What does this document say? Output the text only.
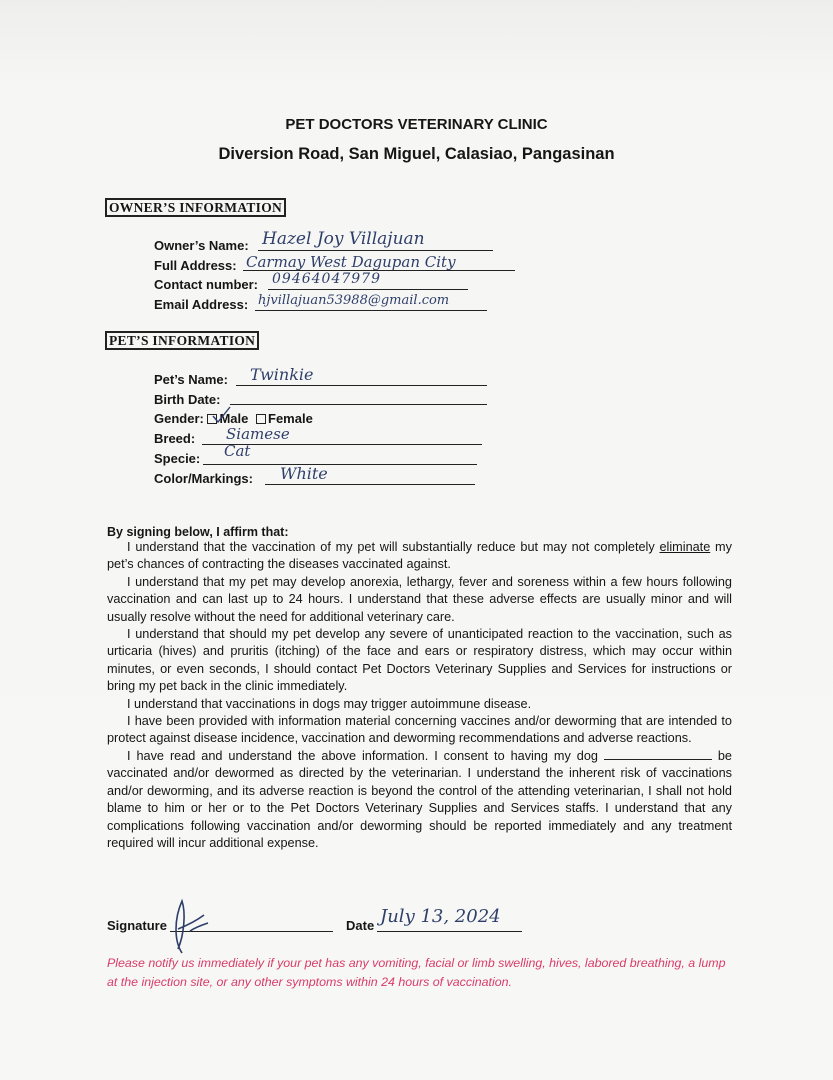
PET DOCTORS VETERINARY CLINIC
Diversion Road, San Miguel, Calasiao, Pangasinan
OWNER’S INFORMATION
Owner’s Name: Hazel Joy Villajuan
Full Address: Carmay West Dagupan City
Contact number: 09464047979
Email Address: hjvillajuan53988@gmail.com
PET’S INFORMATION
Pet’s Name: Twinkie
Birth Date:
Gender: Male Female
Breed: Siamese
Specie: Cat
Color/Markings: White
By signing below, I affirm that:

I understand that the vaccination of my pet will substantially reduce but may not completely eliminate my pet’s chances of contracting the diseases vaccinated against.

I understand that my pet may develop anorexia, lethargy, fever and soreness within a few hours following vaccination and can last up to 24 hours. I understand that these adverse effects are usually minor and will usually resolve without the need for additional veterinary care.

I understand that should my pet develop any severe of unanticipated reaction to the vaccination, such as urticaria (hives) and pruritis (itching) of the face and ears or respiratory distress, which may occur within minutes, or even seconds, I should contact Pet Doctors Veterinary Supplies and Services for instructions or bring my pet back in the clinic immediately.

I understand that vaccinations in dogs may trigger autoimmune disease.

I have been provided with information material concerning vaccines and/or deworming that are intended to protect against disease incidence, vaccination and deworming recommendations and adverse reactions.

I have read and understand the above information. I consent to having my dog	be vaccinated and/or dewormed as directed by the veterinarian. I understand the inherent risk of vaccinations and/or deworming, and its adverse reaction is beyond the control of the attending veterinarian, I shall not hold blame to him or her or to the Pet Doctors Veterinary Supplies and Services staffs. I understand that any complications following vaccination and/or deworming should be reported immediately and any treatment required will incur additional expense.

Signature	Date July 13, 2024
Please notify us immediately if your pet has any vomiting, facial or limb swelling, hives, labored breathing, a lump at the injection site, or any other symptoms within 24 hours of vaccination.
